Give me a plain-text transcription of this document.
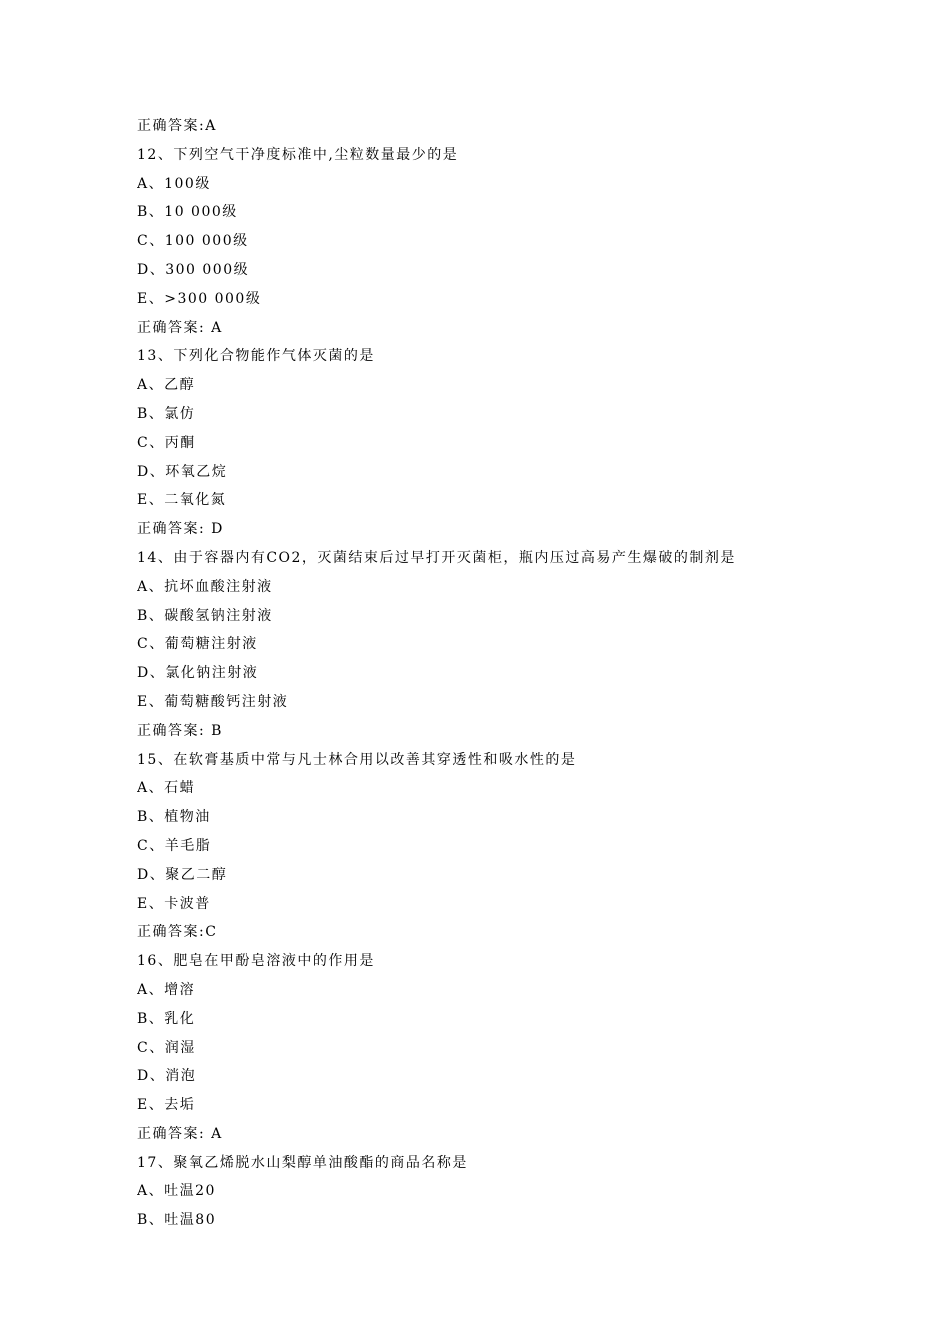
正确答案:A
12、下列空气干净度标准中,尘粒数量最少的是
A、100级
B、10 000级
C、100 000级
D、300 000级
E、>300 000级
正确答案: A
13、下列化合物能作气体灭菌的是
A、乙醇
B、氯仿
C、丙酮
D、环氧乙烷
E、二氧化氮
正确答案: D
14、由于容器内有CO2，灭菌结束后过早打开灭菌柜，瓶内压过高易产生爆破的制剂是
A、抗坏血酸注射液
B、碳酸氢钠注射液
C、葡萄糖注射液
D、氯化钠注射液
E、葡萄糖酸钙注射液
正确答案: B
15、在软膏基质中常与凡士林合用以改善其穿透性和吸水性的是
A、石蜡
B、植物油
C、羊毛脂
D、聚乙二醇
E、卡波普
正确答案:C
16、肥皂在甲酚皂溶液中的作用是
A、增溶
B、乳化
C、润湿
D、消泡
E、去垢
正确答案: A
17、聚氧乙烯脱水山梨醇单油酸酯的商品名称是
A、吐温20
B、吐温80
